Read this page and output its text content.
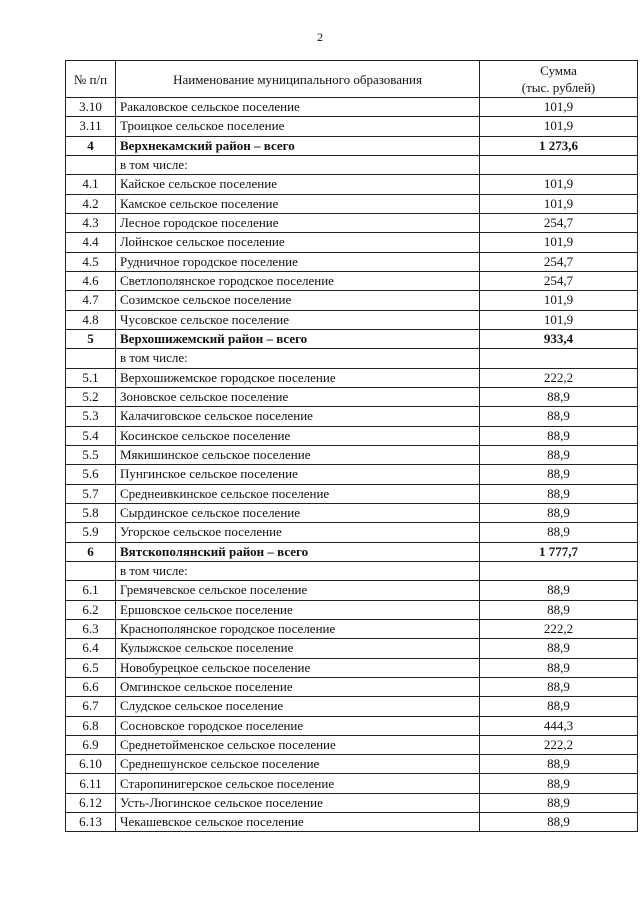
2
№ п/п	Наименование муниципального образования	Сумма
(тыс. рублей)

3.10	Ракаловское сельское поселение	101,9
3.11	Троицкое сельское поселение	101,9
4	Верхнекамский район – всего	1 273,6
	в том числе:	
4.1	Кайское сельское поселение	101,9
4.2	Камское сельское поселение	101,9
4.3	Лесное городское поселение	254,7
4.4	Лойнское сельское поселение	101,9
4.5	Рудничное городское поселение	254,7
4.6	Светлополянское городское поселение	254,7
4.7	Созимское сельское поселение	101,9
4.8	Чусовское сельское поселение	101,9
5	Верхошижемский район – всего	933,4
	в том числе:	
5.1	Верхошижемское городское поселение	222,2
5.2	Зоновское сельское поселение	88,9
5.3	Калачиговское сельское поселение	88,9
5.4	Косинское сельское поселение	88,9
5.5	Мякишинское сельское поселение	88,9
5.6	Пунгинское сельское поселение	88,9
5.7	Среднеивкинское сельское поселение	88,9
5.8	Сырдинское сельское поселение	88,9
5.9	Угорское сельское поселение	88,9
6	Вятскополянский район – всего	1 777,7
	в том числе:	
6.1	Гремячевское сельское поселение	88,9
6.2	Ершовское сельское поселение	88,9
6.3	Краснополянское городское поселение	222,2
6.4	Кулыжское сельское поселение	88,9
6.5	Новобурецкое сельское поселение	88,9
6.6	Омгинское сельское поселение	88,9
6.7	Слудское сельское поселение	88,9
6.8	Сосновское городское поселение	444,3
6.9	Среднетойменское сельское поселение	222,2
6.10	Среднешунское сельское поселение	88,9
6.11	Старопинигерское сельское поселение	88,9
6.12	Усть-Люгинское сельское поселение	88,9
6.13	Чекашевское сельское поселение	88,9
